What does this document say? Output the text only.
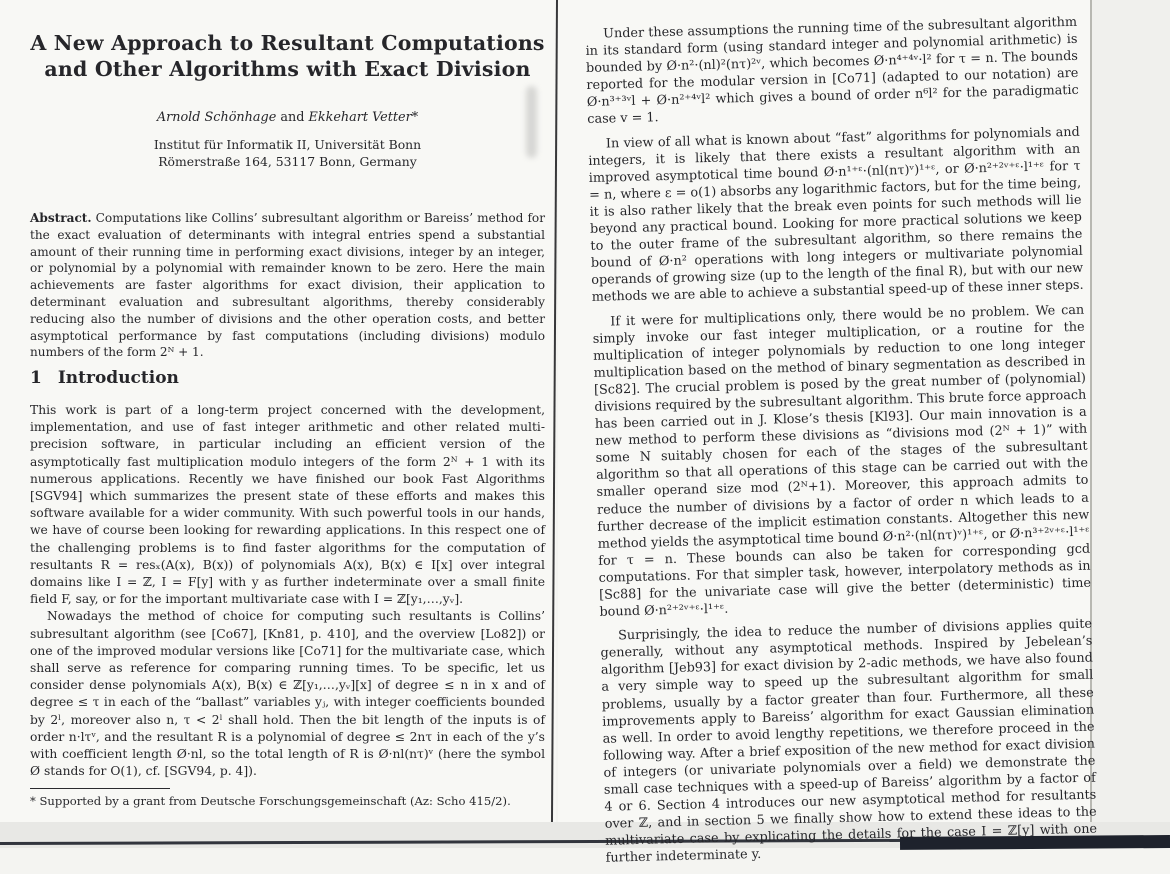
A New Approach to Resultant Computations
and Other Algorithms with Exact Division
Arnold Schönhage and Ekkehart Vetter*
Institut für Informatik II, Universität Bonn
Römerstraße 164, 53117 Bonn, Germany
Abstract. Computations like Collins’ subresultant algorithm or Bareiss’ method for the exact evaluation of determinants with integral entries spend a substantial amount of their running time in performing exact divisions, integer by an integer, or polynomial by a polynomial with remainder known to be zero. Here the main achievements are faster algorithms for exact division, their application to determinant evaluation and subresultant algorithms, thereby considerably reducing also the number of divisions and the other operation costs, and better asymptotical performance by fast computations (including divisions) modulo numbers of the form 2ᴺ + 1.
1 Introduction

This work is part of a long-term project concerned with the development, implementation, and use of fast integer arithmetic and other related multi-precision software, in particular including an efficient version of the asymptotically fast multiplication modulo integers of the form 2ᴺ + 1 with its numerous applications. Recently we have finished our book Fast Algorithms [SGV94] which summarizes the present state of these efforts and makes this software available for a wider community. With such powerful tools in our hands, we have of course been looking for rewarding applications. In this respect one of the challenging problems is to find faster algorithms for the computation of resultants R = resₓ(A(x), B(x)) of polynomials A(x), B(x) ∈ I[x] over integral domains like I = ℤ, I = F[y] with y as further indeterminate over a small finite field F, say, or for the important multivariate case with I = ℤ[y₁,…,yᵥ].

Nowadays the method of choice for computing such resultants is Collins’ subresultant algorithm (see [Co67], [Kn81, p. 410], and the overview [Lo82]) or one of the improved modular versions like [Co71] for the multivariate case, which shall serve as reference for comparing running times. To be specific, let us consider dense polynomials A(x), B(x) ∈ ℤ[y₁,…,yᵥ][x] of degree ≤ n in x and of degree ≤ τ in each of the “ballast” variables yⱼ, with integer coefficients bounded by 2ˡ, moreover also n, τ < 2ˡ shall hold. Then the bit length of the inputs is of order n·lτᵛ, and the resultant R is a polynomial of degree ≤ 2nτ in each of the y’s with coefficient length Ø·nl, so the total length of R is Ø·nl(nτ)ᵛ (here the symbol Ø stands for O(1), cf. [SGV94, p. 4]).

* Supported by a grant from Deutsche Forschungsgemeinschaft (Az: Scho 415/2).

Under these assumptions the running time of the subresultant algorithm in its standard form (using standard integer and polynomial arithmetic) is bounded by Ø·n²·(nl)²(nτ)²ᵛ, which becomes Ø·n⁴⁺⁴ᵛ·l² for τ = n. The bounds reported for the modular version in [Co71] (adapted to our notation) are Ø·n³⁺³ᵛl + Ø·n²⁺⁴ᵛl² which gives a bound of order n⁶l² for the paradigmatic case v = 1.

In view of all what is known about “fast” algorithms for polynomials and integers, it is likely that there exists a resultant algorithm with an improved asymptotical time bound Ø·n¹⁺ᵋ·(nl(nτ)ᵛ)¹⁺ᵋ, or Ø·n²⁺²ᵛ⁺ᵋ·l¹⁺ᵋ for τ = n, where ε = o(1) absorbs any logarithmic factors, but for the time being, it is also rather likely that the break even points for such methods will lie beyond any practical bound. Looking for more practical solutions we keep to the outer frame of the subresultant algorithm, so there remains the bound of Ø·n² operations with long integers or multivariate polynomial operands of growing size (up to the length of the final R), but with our new methods we are able to achieve a substantial speed-up of these inner steps.

If it were for multiplications only, there would be no problem. We can simply invoke our fast integer multiplication, or a routine for the multiplication of integer polynomials by reduction to one long integer multiplication based on the method of binary segmentation as described in [Sc82]. The crucial problem is posed by the great number of (polynomial) divisions required by the subresultant algorithm. This brute force approach has been carried out in J. Klose’s thesis [Kl93]. Our main innovation is a new method to perform these divisions as “divisions mod (2ᴺ + 1)” with some N suitably chosen for each of the stages of the subresultant algorithm so that all operations of this stage can be carried out with the smaller operand size mod (2ᴺ+1). Moreover, this approach admits to reduce the number of divisions by a factor of order n which leads to a further decrease of the implicit estimation constants. Altogether this new method yields the asymptotical time bound Ø·n²·(nl(nτ)ᵛ)¹⁺ᵋ, or Ø·n³⁺²ᵛ⁺ᵋ·l¹⁺ᵋ for τ = n. These bounds can also be taken for corresponding gcd computations. For that simpler task, however, interpolatory methods as in [Sc88] for the univariate case will give the better (deterministic) time bound Ø·n²⁺²ᵛ⁺ᵋ·l¹⁺ᵋ.

Surprisingly, the idea to reduce the number of divisions applies quite generally, without any asymptotical methods. Inspired by Jebelean’s algorithm [Jeb93] for exact division by 2-adic methods, we have also found a very simple way to speed up the subresultant algorithm for small problems, usually by a factor greater than four. Furthermore, all these improvements apply to Bareiss’ algorithm for exact Gaussian elimination as well. In order to avoid lengthy repetitions, we therefore proceed in the following way. After a brief exposition of the new method for exact division of integers (or univariate polynomials over a field) we demonstrate the small case techniques with a speed-up of Bareiss’ algorithm by a factor of 4 or 6. Section 4 introduces our new asymptotical method for resultants over ℤ, and in section 5 we finally show how to extend these ideas to the multivariate case by explicating the details for the case I = ℤ[y] with one further indeterminate y.
